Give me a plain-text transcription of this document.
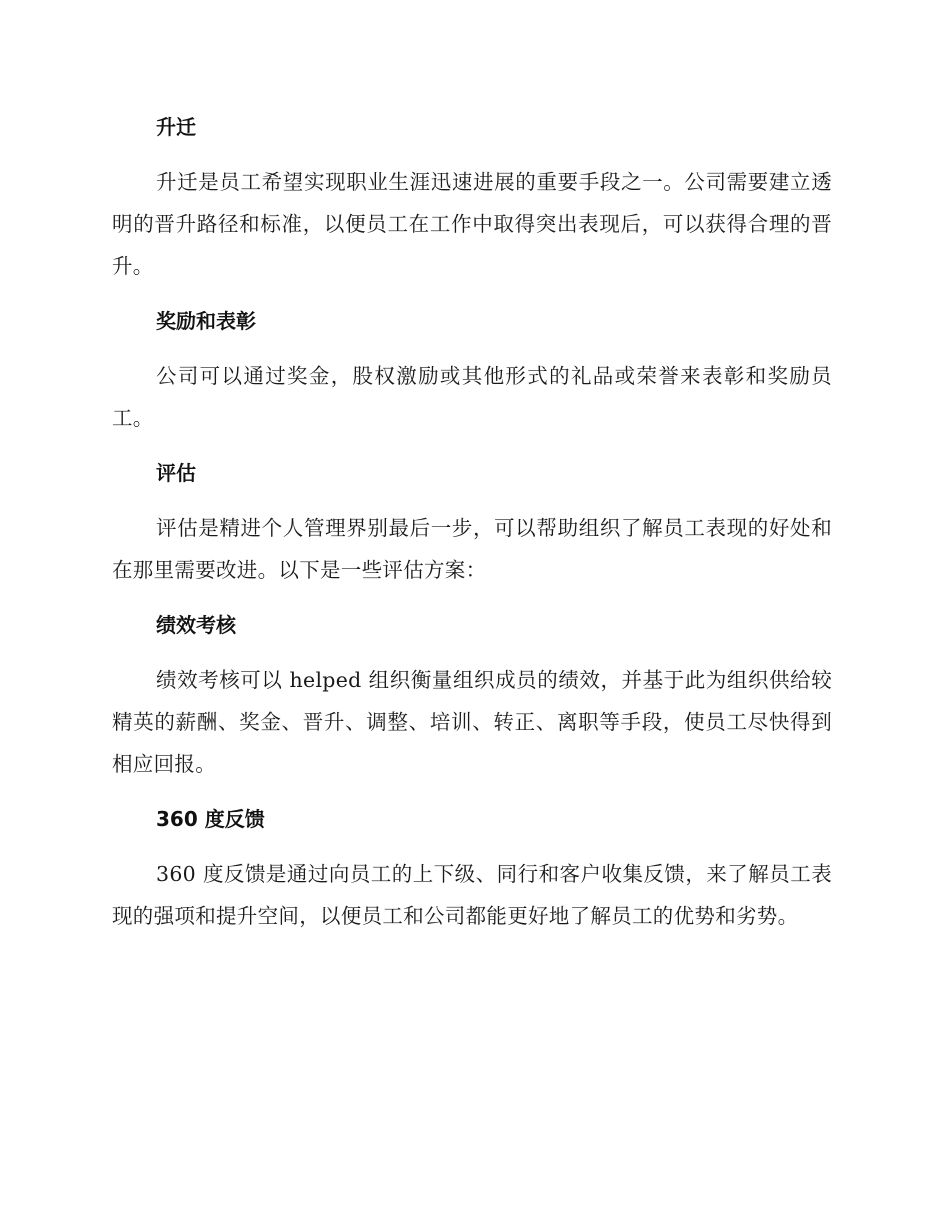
升迁

升迁是员工希望实现职业生涯迅速进展的重要手段之一。公司需要建立透明的晋升路径和标准，以便员工在工作中取得突出表现后，可以获得合理的晋升。

奖励和表彰

公司可以通过奖金，股权激励或其他形式的礼品或荣誉来表彰和奖励员工。

评估

评估是精进个人管理界别最后一步，可以帮助组织了解员工表现的好处和在那里需要改进。以下是一些评估方案：

绩效考核

绩效考核可以 helped 组织衡量组织成员的绩效，并基于此为组织供给较精英的薪酬、奖金、晋升、调整、培训、转正、离职等手段，使员工尽快得到相应回报。

360 度反馈

360 度反馈是通过向员工的上下级、同行和客户收集反馈，来了解员工表现的强项和提升空间，以便员工和公司都能更好地了解员工的优势和劣势。
